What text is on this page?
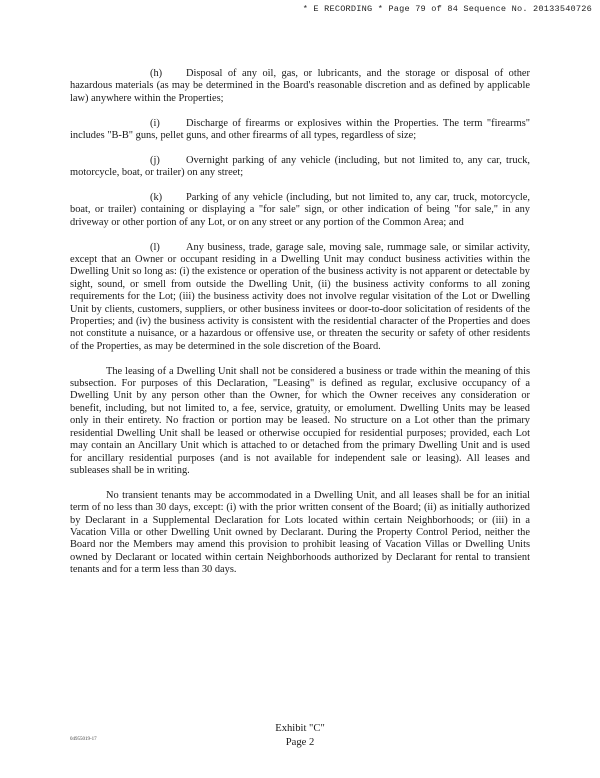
* E RECORDING * Page 79 of 84 Sequence No. 20133540726

(h) Disposal of any oil, gas, or lubricants, and the storage or disposal of other hazardous materials (as may be determined in the Board's reasonable discretion and as defined by applicable law) anywhere within the Properties;

(i)	Discharge of firearms or explosives within the Properties. The term "firearms" includes "B-B" guns, pellet guns, and other firearms of all types, regardless of size;

(j)	Overnight parking of any vehicle (including, but not limited to, any car, truck, motorcycle, boat, or trailer) on any street;

(k) Parking of any vehicle (including, but not limited to, any car, truck, motorcycle, boat, or trailer) containing or displaying a "for sale" sign, or other indication of being "for sale," in any driveway or other portion of any Lot, or on any street or any portion of the Common Area; and

(l)	Any business, trade, garage sale, moving sale, rummage sale, or similar activity, except that an Owner or occupant residing in a Dwelling Unit may conduct business activities within the Dwelling Unit so long as: (i) the existence or operation of the business activity is not apparent or detectable by sight, sound, or smell from outside the Dwelling Unit, (ii) the business activity conforms to all zoning requirements for the Lot; (iii) the business activity does not involve regular visitation of the Lot or Dwelling Unit by clients, customers, suppliers, or other business invitees or door-to-door solicitation of residents of the Properties; and (iv) the business activity is consistent with the residential character of the Properties and does not constitute a nuisance, or a hazardous or offensive use, or threaten the security or safety of other residents of the Properties, as may be determined in the sole discretion of the Board.

The leasing of a Dwelling Unit shall not be considered a business or trade within the meaning of this subsection. For purposes of this Declaration, "Leasing" is defined as regular, exclusive occupancy of a Dwelling Unit by any person other than the Owner, for which the Owner receives any consideration or benefit, including, but not limited to, a fee, service, gratuity, or emolument. Dwelling Units may be leased only in their entirety. No fraction or portion may be leased. No structure on a Lot other than the primary residential Dwelling Unit shall be leased or otherwise occupied for residential purposes; provided, each Lot may contain an Ancillary Unit which is attached to or detached from the primary Dwelling Unit and is used for ancillary residential purposes (and is not available for independent sale or leasing). All leases and subleases shall be in writing.

No transient tenants may be accommodated in a Dwelling Unit, and all leases shall be for an initial term of no less than 30 days, except: (i) with the prior written consent of the Board; (ii) as initially authorized by Declarant in a Supplemental Declaration for Lots located within certain Neighborhoods; or (iii) in a Vacation Villa or other Dwelling Unit owned by Declarant. During the Property Control Period, neither the Board nor the Members may amend this provision to prohibit leasing of Vacation Villas or Dwelling Units owned by Declarant or located within certain Neighborhoods authorized by Declarant for rental to transient tenants and for a term less than 30 days.

Exhibit "C"
Page 2
04955019-17
